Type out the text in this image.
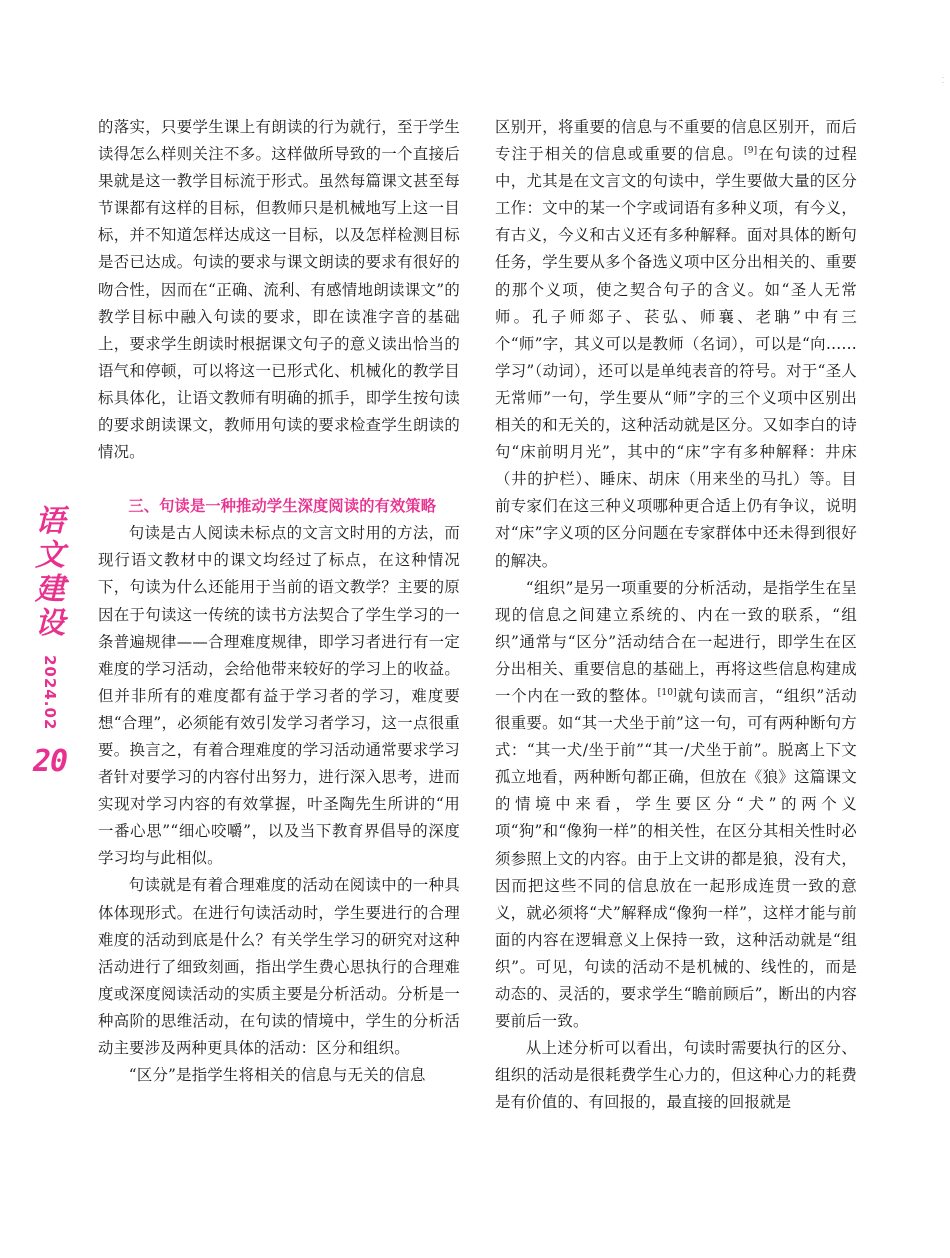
·
·

的落实，只要学生课上有朗读的行为就行，至于学生读得怎么样则关注不多。这样做所导致的一个直接后果就是这一教学目标流于形式。虽然每篇课文甚至每节课都有这样的目标，但教师只是机械地写上这一目标，并不知道怎样达成这一目标，以及怎样检测目标是否已达成。句读的要求与课文朗读的要求有很好的吻合性，因而在“正确、流利、有感情地朗读课文”的教学目标中融入句读的要求，即在读准字音的基础上，要求学生朗读时根据课文句子的意义读出恰当的语气和停顿，可以将这一已形式化、机械化的教学目标具体化，让语文教师有明确的抓手，即学生按句读的要求朗读课文，教师用句读的要求检查学生朗读的情况。

三、句读是一种推动学生深度阅读的有效策略

句读是古人阅读未标点的文言文时用的方法，而现行语文教材中的课文均经过了标点，在这种情况下，句读为什么还能用于当前的语文教学？主要的原因在于句读这一传统的读书方法契合了学生学习的一条普遍规律——合理难度规律，即学习者进行有一定难度的学习活动，会给他带来较好的学习上的收益。但并非所有的难度都有益于学习者的学习，难度要想“合理”，必须能有效引发学习者学习，这一点很重要。换言之，有着合理难度的学习活动通常要求学习者针对要学习的内容付出努力，进行深入思考，进而实现对学习内容的有效掌握，叶圣陶先生所讲的“用一番心思”“细心咬嚼”，以及当下教育界倡导的深度学习均与此相似。

句读就是有着合理难度的活动在阅读中的一种具体体现形式。在进行句读活动时，学生要进行的合理难度的活动到底是什么？有关学生学习的研究对这种活动进行了细致刻画，指出学生费心思执行的合理难度或深度阅读活动的实质主要是分析活动。分析是一种高阶的思维活动，在句读的情境中，学生的分析活动主要涉及两种更具体的活动：区分和组织。

“区分”是指学生将相关的信息与无关的信息

区别开，将重要的信息与不重要的信息区别开，而后专注于相关的信息或重要的信息。[9]在句读的过程中，尤其是在文言文的句读中，学生要做大量的区分工作：文中的某一个字或词语有多种义项，有今义，有古义，今义和古义还有多种解释。面对具体的断句任务，学生要从多个备选义项中区分出相关的、重要的那个义项，使之契合句子的含义。如“圣人无常师。孔子师郯子、苌弘、师襄、老聃”中有三个“师”字，其义可以是教师（名词），可以是“向……学习”（动词），还可以是单纯表音的符号。对于“圣人无常师”一句，学生要从“师”字的三个义项中区别出相关的和无关的，这种活动就是区分。又如李白的诗句“床前明月光”，其中的“床”字有多种解释：井床（井的护栏）、睡床、胡床（用来坐的马扎）等。目前专家们在这三种义项哪种更合适上仍有争议，说明对“床”字义项的区分问题在专家群体中还未得到很好的解决。

“组织”是另一项重要的分析活动，是指学生在呈现的信息之间建立系统的、内在一致的联系，“组织”通常与“区分”活动结合在一起进行，即学生在区分出相关、重要信息的基础上，再将这些信息构建成一个内在一致的整体。[10]就句读而言，“组织”活动很重要。如“其一犬坐于前”这一句，可有两种断句方式：“其一犬/坐于前”“其一/犬坐于前”。脱离上下文孤立地看，两种断句都正确，但放在《狼》这篇课文的情境中来看，学生要区分“犬”的两个义项“狗”和“像狗一样”的相关性，在区分其相关性时必须参照上文的内容。由于上文讲的都是狼，没有犬，因而把这些不同的信息放在一起形成连贯一致的意义，就必须将“犬”解释成“像狗一样”，这样才能与前面的内容在逻辑意义上保持一致，这种活动就是“组织”。可见，句读的活动不是机械的、线性的，而是动态的、灵活的，要求学生“瞻前顾后”，断出的内容要前后一致。

从上述分析可以看出，句读时需要执行的区分、组织的活动是很耗费学生心力的，但这种心力的耗费是有价值的、有回报的，最直接的回报就是

语文建设
2024.02
20
